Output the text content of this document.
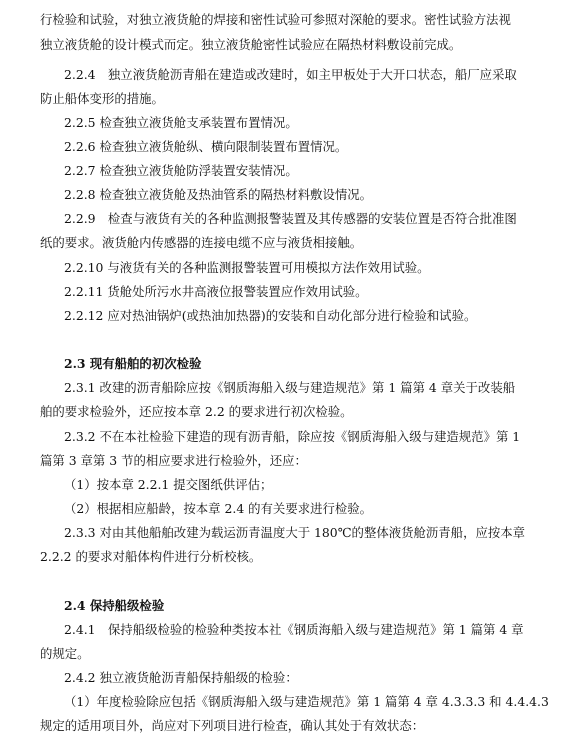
行检验和试验，对独立液货舱的焊接和密性试验可参照对深舱的要求。密性试验方法视
独立液货舱的设计模式而定。独立液货舱密性试验应在隔热材料敷设前完成。
2.2.4　独立液货舱沥青船在建造或改建时，如主甲板处于大开口状态，船厂应采取
防止船体变形的措施。
2.2.5 检查独立液货舱支承装置布置情况。
2.2.6 检查独立液货舱纵、横向限制装置布置情况。
2.2.7 检查独立液货舱防浮装置安装情况。
2.2.8 检查独立液货舱及热油管系的隔热材料敷设情况。
2.2.9　检查与液货有关的各种监测报警装置及其传感器的安装位置是否符合批准图
纸的要求。液货舱内传感器的连接电缆不应与液货相接触。
2.2.10 与液货有关的各种监测报警装置可用模拟方法作效用试验。
2.2.11 货舱处所污水井高液位报警装置应作效用试验。
2.2.12 应对热油锅炉(或热油加热器)的安装和自动化部分进行检验和试验。
2.3 现有船舶的初次检验
2.3.1 改建的沥青船除应按《钢质海船入级与建造规范》第 1 篇第 4 章关于改装船
舶的要求检验外，还应按本章 2.2 的要求进行初次检验。
2.3.2 不在本社检验下建造的现有沥青船，除应按《钢质海船入级与建造规范》第 1
篇第 3 章第 3 节的相应要求进行检验外，还应：
（1）按本章 2.2.1 提交图纸供评估；
（2）根据相应船龄，按本章 2.4 的有关要求进行检验。
2.3.3 对由其他船舶改建为载运沥青温度大于 180℃的整体液货舱沥青船，应按本章
2.2.2 的要求对船体构件进行分析校核。
2.4 保持船级检验
2.4.1　保持船级检验的检验种类按本社《钢质海船入级与建造规范》第 1 篇第 4 章
的规定。
2.4.2 独立液货舱沥青船保持船级的检验：
（1）年度检验除应包括《钢质海船入级与建造规范》第 1 篇第 4 章 4.3.3.3 和 4.4.4.3
规定的适用项目外，尚应对下列项目进行检查，确认其处于有效状态：
